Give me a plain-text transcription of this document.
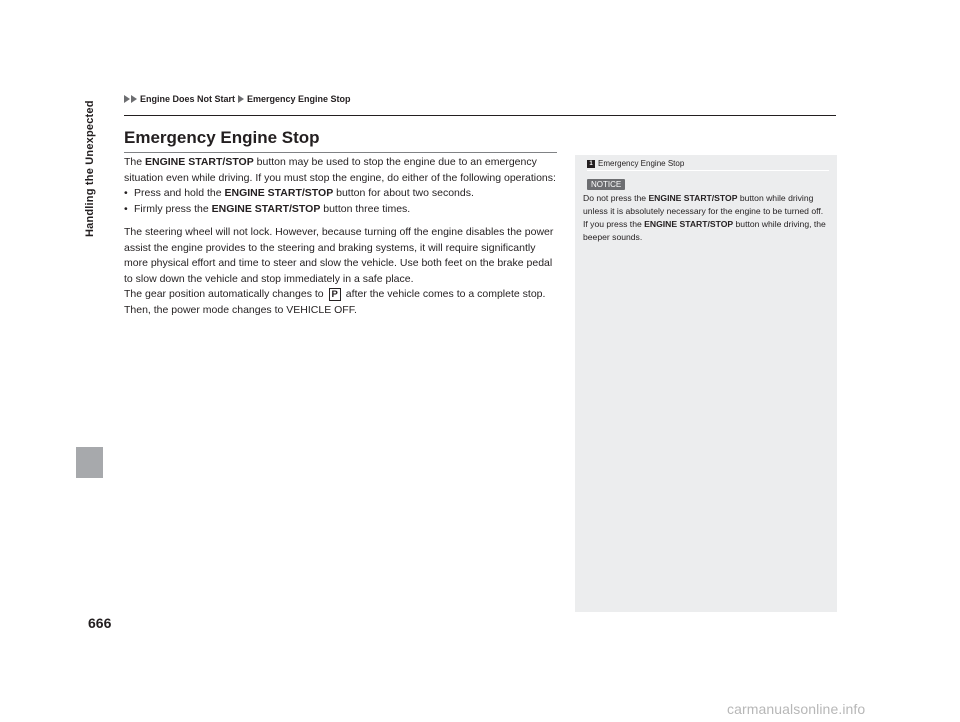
Handling the Unexpected
Engine Does Not Start Emergency Engine Stop
Emergency Engine Stop

The ENGINE START/STOP button may be used to stop the engine due to an emergency situation even while driving. If you must stop the engine, do either of the following operations:

• Press and hold the ENGINE START/STOP button for about two seconds.
• Firmly press the ENGINE START/STOP button three times.

The steering wheel will not lock. However, because turning off the engine disables the power assist the engine provides to the steering and braking systems, it will require significantly more physical effort and time to steer and slow the vehicle. Use both feet on the brake pedal to slow down the vehicle and stop immediately in a safe place.

The gear position automatically changes to P after the vehicle comes to a complete stop. Then, the power mode changes to VEHICLE OFF.

1 Emergency Engine Stop
NOTICE

Do not press the ENGINE START/STOP button while driving unless it is absolutely necessary for the engine to be turned off.

If you press the ENGINE START/STOP button while driving, the beeper sounds.

666
carmanualsonline.info
